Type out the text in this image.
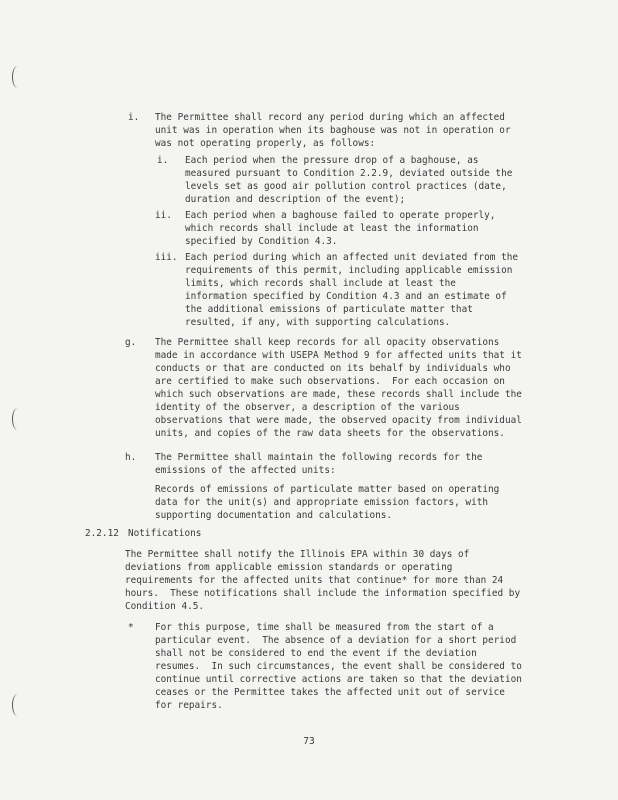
i. The Permittee shall record any period during which an affected
unit was in operation when its baghouse was not in operation or
was not operating properly, as follows:
i. Each period when the pressure drop of a baghouse, as
measured pursuant to Condition 2.2.9, deviated outside the
levels set as good air pollution control practices (date,
duration and description of the event);
ii. Each period when a baghouse failed to operate properly,
which records shall include at least the information
specified by Condition 4.3.
iii. Each period during which an affected unit deviated from the
requirements of this permit, including applicable emission
limits, which records shall include at least the
information specified by Condition 4.3 and an estimate of
the additional emissions of particulate matter that
resulted, if any, with supporting calculations.
g. The Permittee shall keep records for all opacity observations
made in accordance with USEPA Method 9 for affected units that it
conducts or that are conducted on its behalf by individuals who
are certified to make such observations.  For each occasion on
which such observations are made, these records shall include the
identity of the observer, a description of the various
observations that were made, the observed opacity from individual
units, and copies of the raw data sheets for the observations.
h. The Permittee shall maintain the following records for the
emissions of the affected units:
Records of emissions of particulate matter based on operating
data for the unit(s) and appropriate emission factors, with
supporting documentation and calculations.
2.2.12 Notifications
The Permittee shall notify the Illinois EPA within 30 days of
deviations from applicable emission standards or operating
requirements for the affected units that continue* for more than 24
hours.  These notifications shall include the information specified by
Condition 4.5.
* For this purpose, time shall be measured from the start of a
particular event.  The absence of a deviation for a short period
shall not be considered to end the event if the deviation
resumes.  In such circumstances, the event shall be considered to
continue until corrective actions are taken so that the deviation
ceases or the Permittee takes the affected unit out of service
for repairs.
73
